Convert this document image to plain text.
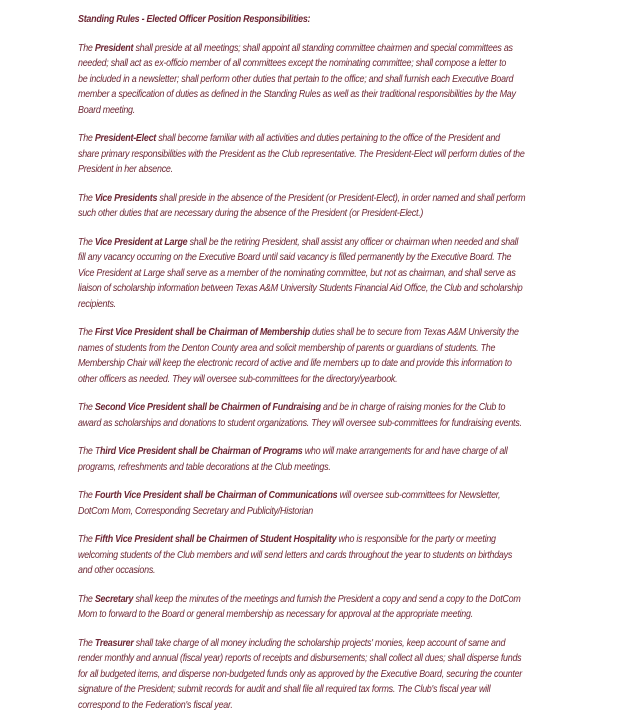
Standing Rules - Elected Officer Position Responsibilities:

The President shall preside at all meetings; shall appoint all standing committee chairmen and special committees as
needed; shall act as ex-officio member of all committees except the nominating committee; shall compose a letter to
be included in a newsletter; shall perform other duties that pertain to the office; and shall furnish each Executive Board
member a specification of duties as defined in the Standing Rules as well as their traditional responsibilities by the May
Board meeting.

The President-Elect shall become familiar with all activities and duties pertaining to the office of the President and
share primary responsibilities with the President as the Club representative. The President-Elect will perform duties of the
President in her absence.

The Vice Presidents shall preside in the absence of the President (or President-Elect), in order named and shall perform
such other duties that are necessary during the absence of the President (or President-Elect.)

The Vice President at Large shall be the retiring President, shall assist any officer or chairman when needed and shall
fill any vacancy occurring on the Executive Board until said vacancy is filled permanently by the Executive Board. The
Vice President at Large shall serve as a member of the nominating committee, but not as chairman, and shall serve as
liaison of scholarship information between Texas A&M University Students Financial Aid Office, the Club and scholarship
recipients.

The First Vice President shall be Chairman of Membership duties shall be to secure from Texas A&M University the
names of students from the Denton County area and solicit membership of parents or guardians of students. The
Membership Chair will keep the electronic record of active and life members up to date and provide this information to
other officers as needed. They will oversee sub-committees for the directory/yearbook.

The Second Vice President shall be Chairmen of Fundraising and be in charge of raising monies for the Club to
award as scholarships and donations to student organizations. They will oversee sub-committees for fundraising events.

The Third Vice President shall be Chairman of Programs who will make arrangements for and have charge of all
programs, refreshments and table decorations at the Club meetings.

The Fourth Vice President shall be Chairman of Communications will oversee sub-committees for Newsletter,
DotCom Mom, Corresponding Secretary and Publicity/Historian

The Fifth Vice President shall be Chairmen of Student Hospitality who is responsible for the party or meeting
welcoming students of the Club members and will send letters and cards throughout the year to students on birthdays
and other occasions.

The Secretary shall keep the minutes of the meetings and furnish the President a copy and send a copy to the DotCom
Mom to forward to the Board or general membership as necessary for approval at the appropriate meeting.

The Treasurer shall take charge of all money including the scholarship projects' monies, keep account of same and
render monthly and annual (fiscal year) reports of receipts and disbursements; shall collect all dues; shall disperse funds
for all budgeted items, and disperse non-budgeted funds only as approved by the Executive Board, securing the counter
signature of the President; submit records for audit and shall file all required tax forms. The Club's fiscal year will
correspond to the Federation's fiscal year.
